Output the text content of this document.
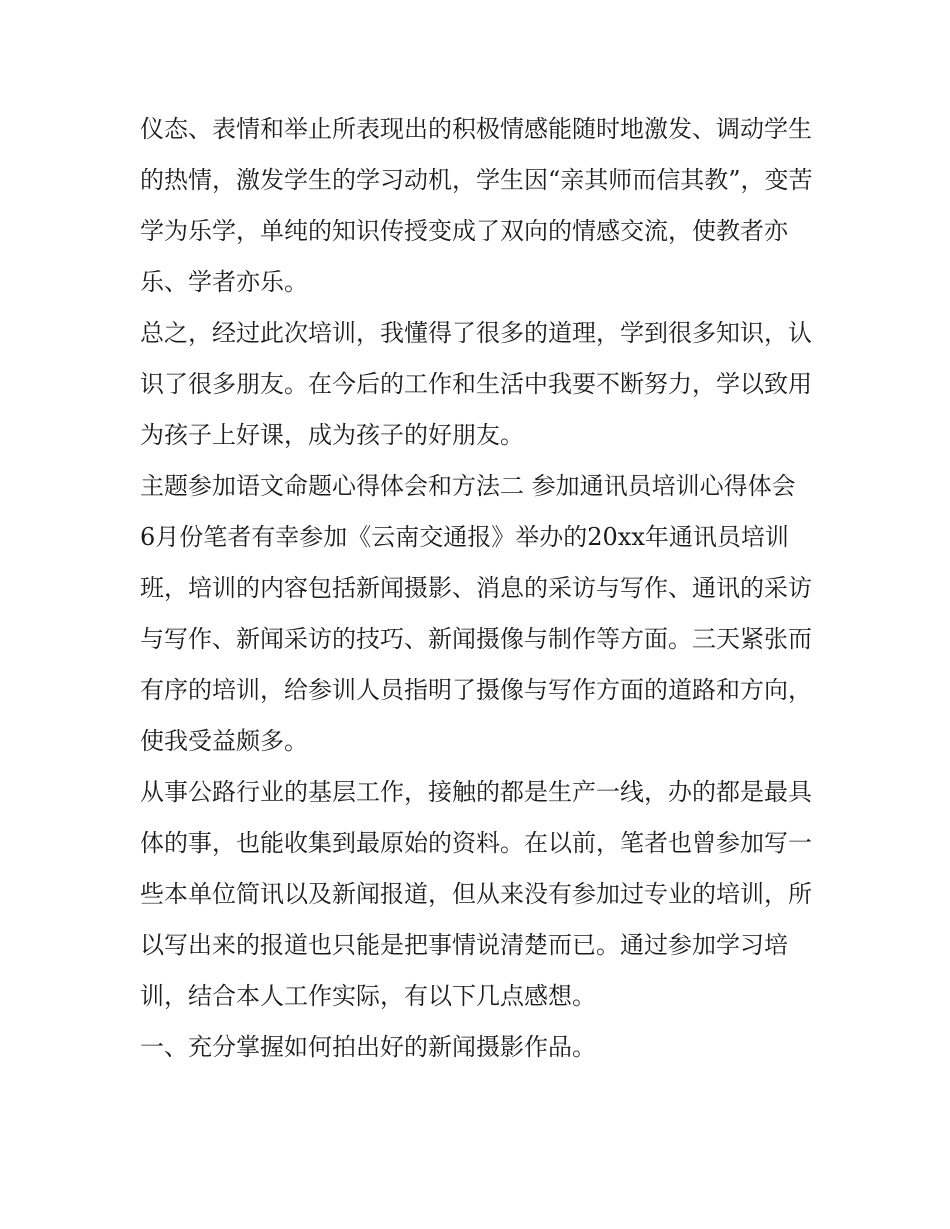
仪态、表情和举止所表现出的积极情感能随时地激发、调动学生的热情，激发学生的学习动机，学生因“亲其师而信其教”，变苦学为乐学，单纯的知识传授变成了双向的情感交流，使教者亦乐、学者亦乐。

总之，经过此次培训，我懂得了很多的道理，学到很多知识，认识了很多朋友。在今后的工作和生活中我要不断努力，学以致用为孩子上好课，成为孩子的好朋友。

主题参加语文命题心得体会和方法二 参加通讯员培训心得体会

6月份笔者有幸参加《云南交通报》举办的20xx年通讯员培训班，培训的内容包括新闻摄影、消息的采访与写作、通讯的采访与写作、新闻采访的技巧、新闻摄像与制作等方面。三天紧张而有序的培训，给参训人员指明了摄像与写作方面的道路和方向，使我受益颇多。

从事公路行业的基层工作，接触的都是生产一线，办的都是最具体的事，也能收集到最原始的资料。在以前，笔者也曾参加写一些本单位简讯以及新闻报道，但从来没有参加过专业的培训，所以写出来的报道也只能是把事情说清楚而已。通过参加学习培训，结合本人工作实际，有以下几点感想。

一、充分掌握如何拍出好的新闻摄影作品。
